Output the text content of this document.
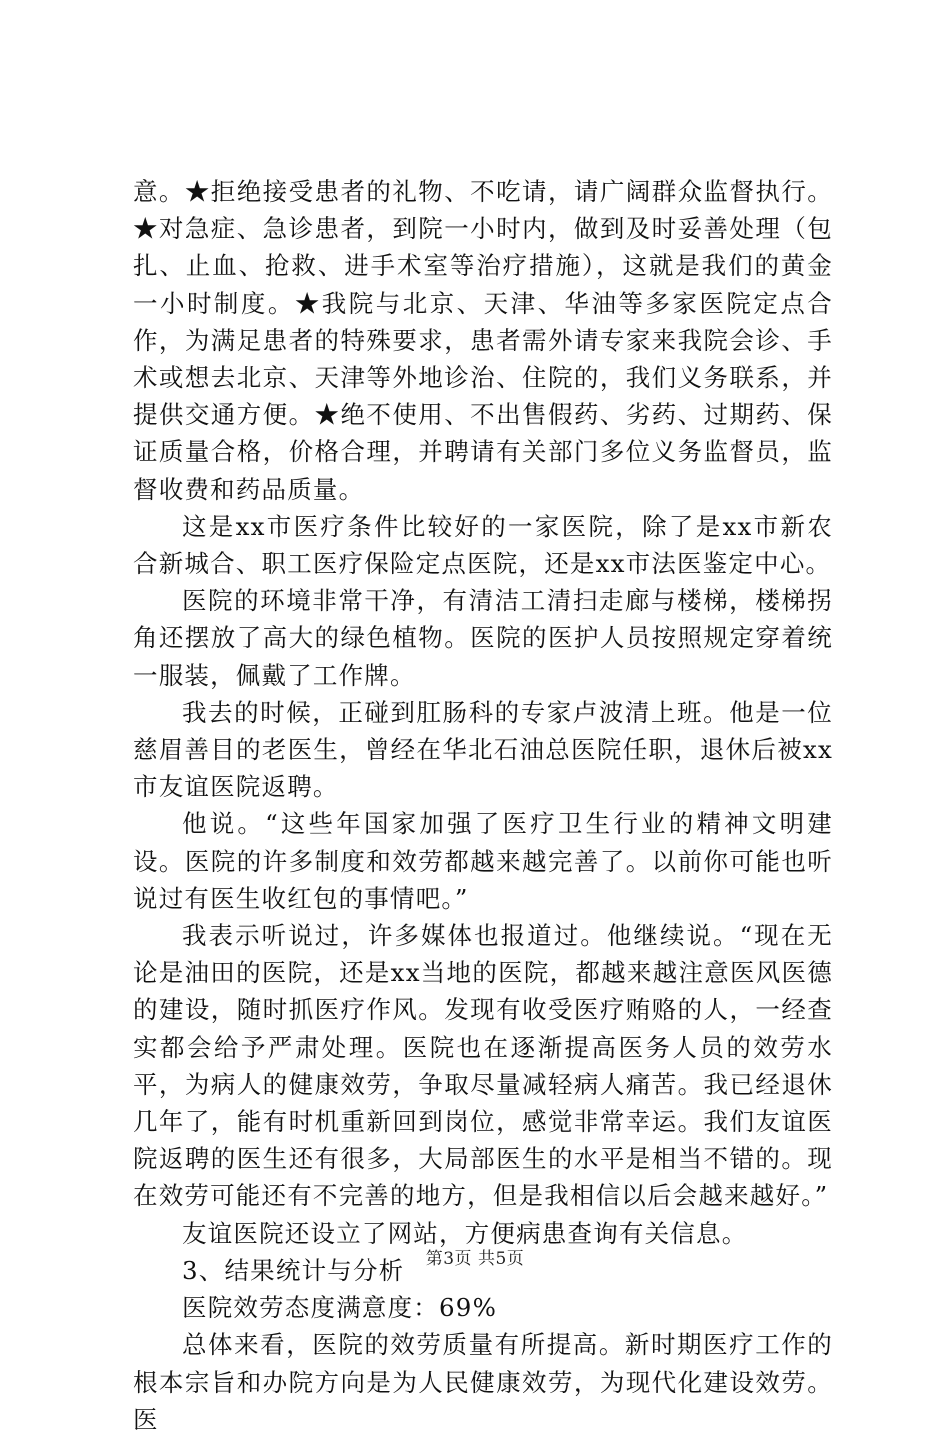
意。★拒绝接受患者的礼物、不吃请，请广阔群众监督执行。★对急症、急诊患者，到院一小时内，做到及时妥善处理（包扎、止血、抢救、进手术室等治疗措施），这就是我们的黄金一小时制度。★我院与北京、天津、华油等多家医院定点合作，为满足患者的特殊要求，患者需外请专家来我院会诊、手术或想去北京、天津等外地诊治、住院的，我们义务联系，并提供交通方便。★绝不使用、不出售假药、劣药、过期药、保证质量合格，价格合理，并聘请有关部门多位义务监督员，监督收费和药品质量。

这是xx市医疗条件比较好的一家医院，除了是xx市新农合新城合、职工医疗保险定点医院，还是xx市法医鉴定中心。

医院的环境非常干净，有清洁工清扫走廊与楼梯，楼梯拐角还摆放了高大的绿色植物。医院的医护人员按照规定穿着统一服装，佩戴了工作牌。

我去的时候，正碰到肛肠科的专家卢波清上班。他是一位慈眉善目的老医生，曾经在华北石油总医院任职，退休后被xx市友谊医院返聘。

他说。“这些年国家加强了医疗卫生行业的精神文明建设。医院的许多制度和效劳都越来越完善了。以前你可能也听说过有医生收红包的事情吧。”

我表示听说过，许多媒体也报道过。他继续说。“现在无论是油田的医院，还是xx当地的医院，都越来越注意医风医德的建设，随时抓医疗作风。发现有收受医疗贿赂的人，一经查实都会给予严肃处理。医院也在逐渐提高医务人员的效劳水平，为病人的健康效劳，争取尽量减轻病人痛苦。我已经退休几年了，能有时机重新回到岗位，感觉非常幸运。我们友谊医院返聘的医生还有很多，大局部医生的水平是相当不错的。现在效劳可能还有不完善的地方，但是我相信以后会越来越好。”

友谊医院还设立了网站，方便病患查询有关信息。

3、结果统计与分析

医院效劳态度满意度：69%

总体来看，医院的效劳质量有所提高。新时期医疗工作的根本宗旨和办院方向是为人民健康效劳，为现代化建设效劳。医

第3页 共5页
